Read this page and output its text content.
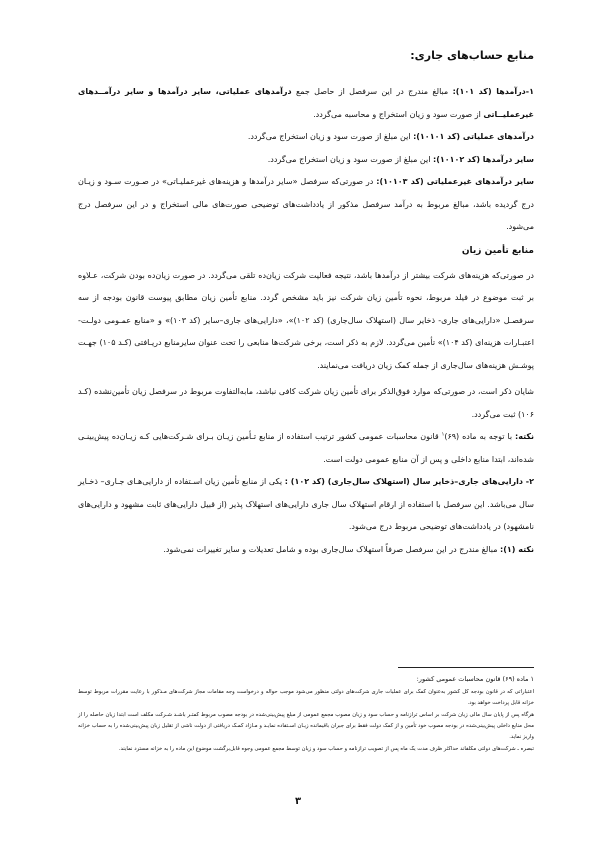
منابع حساب‌های جاری:

۱-درآمدها (کد ۱۰۱): مبالغ مندرج در این سرفصل از حاصل جمع درآمدهای عملیاتی، سایر درآمدها و سایر درآمــدهای غیرعملیــاتی از صورت سود و زیان استخراج و محاسبه می‌گردد.

درآمدهای عملیاتی (کد ۱۰۱۰۱): این مبلغ از صورت سود و زیان استخراج می‌گردد.

سایر درآمدها (کد ۱۰۱۰۲): این مبلغ از صورت سود و زیان استخراج می‌گردد.

سایر درآمدهای غیرعملیاتی (کد ۱۰۱۰۳): در صورتی‌که سرفصل «سایر درآمدها و هزینه‌های غیرعملیـاتی» در صـورت سـود و زیـان درج گردیده باشد، مبالغ مربوط به درآمد سرفصل مذکور از یادداشت‌های توضیحی صورت‌های مالی استخراج و در این سرفصل درج می‌شود.

منابع تأمین زیان

در صورتی‌که هزینه‌های شرکت بیشتر از درآمدها باشد، نتیجه فعالیت شرکت زیان‌ده تلقی می‌گردد. در صورت زیان‌ده بودن شرکت، عـلاوه بر ثبت موضوع در فیلد مربوط، نحوه تأمین زیان شرکت نیز باید مشخص گردد. منابع تأمین زیان مطابق پیوست قانون بودجه از سه سرفصـل «دارایی‌های جاری- ذخایر سال (استهلاک سال‌جاری) (کد ۱۰۲)»، «دارایی‌های جاری–سایر (کد ۱۰۳)» و «منابع عمـومی دولـت-اعتبـارات هزینه‌ای (کد ۱۰۴)» تأمین می‌گردد. لازم به ذکر است، برخی شرکت‌ها منابعی را تحت عنوان سایرمنابع دریـافتی (کـد ۱۰۵) جهـت پوشـش هزینه‌های سال‌جاری از جمله کمک زیان دریافت می‌نمایند.

شایان ذکر است، در صورتی‌که موارد فوق‌الذکر برای تأمین زیان شرکت کافی نباشد، مابه‌التفاوت مربوط در سرفصل زیان تأمین‌نشده (کـد ۱۰۶) ثبت می‌گردد.

نکته: با توجه به ماده (۶۹)$^۱$ قانون محاسبات عمومی کشور ترتیب استفاده از منابع تـأمین زیـان بـرای شـرکت‌هایی کـه زیـان‌ده پیش‌بینـی شده‌اند، ابتدا منابع داخلی و پس از آن منابع عمومی دولت است.

۲- دارایی‌های جاری–ذخایر سال (استهلاک سال‌جاری) (کد ۱۰۲) : یکی از منابع تأمین زیان اسـتفاده از دارایی‌هـای جـاری– ذخـایر سال می‌باشد. این سرفصل با استفاده از ارقام استهلاک سال جاری دارایی‌های استهلاک پذیر (از قبیل دارایی‌های ثابت مشهود و دارایی‌های نامشهود) در یادداشت‌های توضیحی مربوط درج می‌شود.

نکته (۱): مبالغ مندرج در این سرفصل صرفاً استهلاک سال‌جاری بوده و شامل تعدیلات و سایر تغییرات نمی‌شود.

۱ ماده (۶۹) قانون محاسبات عمومی کشور:

اعتباراتی که در قانون بودجه کل کشور به‌عنوان کمک برای عملیات جاری شرکت‌های دولتی منظور می‌شود موجب حواله و درخواست وجه مقامات مجاز شرکت‌های مـذکور با رعایت مقررات مربوط توسط خزانه قابل پرداخت خواهد بود.

هرگاه پس از پایان سال مالی زیان شرکت بر اساس ترازنامه و حساب سود و زیان مصوب مجمع عمومی از مبلغ پیش‌بینی‌شده در بودجه مصوب مربوط کمتـر باشـد شـرکت مکلف است ابتدا زیان حاصله را از محل منابع داخلی پیش‌بینی‌شده در بودجه مصوب خود تأمین و از کمک دولت فقط برای جبران باقیمانده زیـان اسـتفاده نمایـد و مـازاد کمـک دریافتی از دولت ناشی از تقلیل زیان پیش‌بینی‌شده را به حساب خزانه واریز نماید.

تبصره ـ شرکت‌های دولتی مکلفاند حداکثر ظرف مدت یک ماه پس از تصویب ترازنامه و حساب سود و زیان توسط مجمع عمومی وجوه قابل‌برگشت موضوع این ماده را به خزانه مسترد نمایند.

۳
